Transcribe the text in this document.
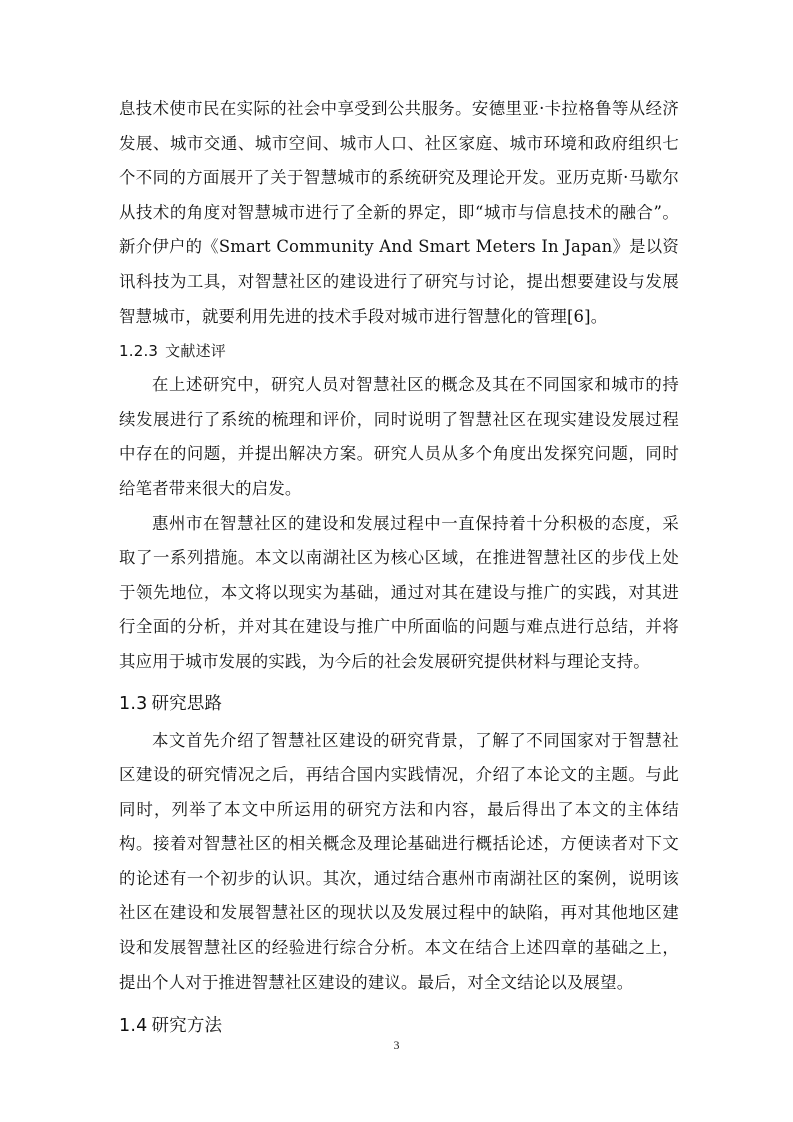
息技术使市民在实际的社会中享受到公共服务。安德里亚·卡拉格鲁等从经济发展、城市交通、城市空间、城市人口、社区家庭、城市环境和政府组织七个不同的方面展开了关于智慧城市的系统研究及理论开发。亚历克斯·马歇尔从技术的角度对智慧城市进行了全新的界定，即“城市与信息技术的融合”。新介伊户的《Smart Community And Smart Meters In Japan》是以资讯科技为工具，对智慧社区的建设进行了研究与讨论，提出想要建设与发展智慧城市，就要利用先进的技术手段对城市进行智慧化的管理[6]。

1.2.3 文献述评

在上述研究中，研究人员对智慧社区的概念及其在不同国家和城市的持续发展进行了系统的梳理和评价，同时说明了智慧社区在现实建设发展过程中存在的问题，并提出解决方案。研究人员从多个角度出发探究问题，同时给笔者带来很大的启发。

惠州市在智慧社区的建设和发展过程中一直保持着十分积极的态度，采取了一系列措施。本文以南湖社区为核心区域，在推进智慧社区的步伐上处于领先地位，本文将以现实为基础，通过对其在建设与推广的实践，对其进行全面的分析，并对其在建设与推广中所面临的问题与难点进行总结，并将其应用于城市发展的实践，为今后的社会发展研究提供材料与理论支持。

1.3 研究思路

本文首先介绍了智慧社区建设的研究背景，了解了不同国家对于智慧社区建设的研究情况之后，再结合国内实践情况，介绍了本论文的主题。与此同时，列举了本文中所运用的研究方法和内容，最后得出了本文的主体结构。接着对智慧社区的相关概念及理论基础进行概括论述，方便读者对下文的论述有一个初步的认识。其次，通过结合惠州市南湖社区的案例，说明该社区在建设和发展智慧社区的现状以及发展过程中的缺陷，再对其他地区建设和发展智慧社区的经验进行综合分析。本文在结合上述四章的基础之上，提出个人对于推进智慧社区建设的建议。最后，对全文结论以及展望。

1.4 研究方法
3
